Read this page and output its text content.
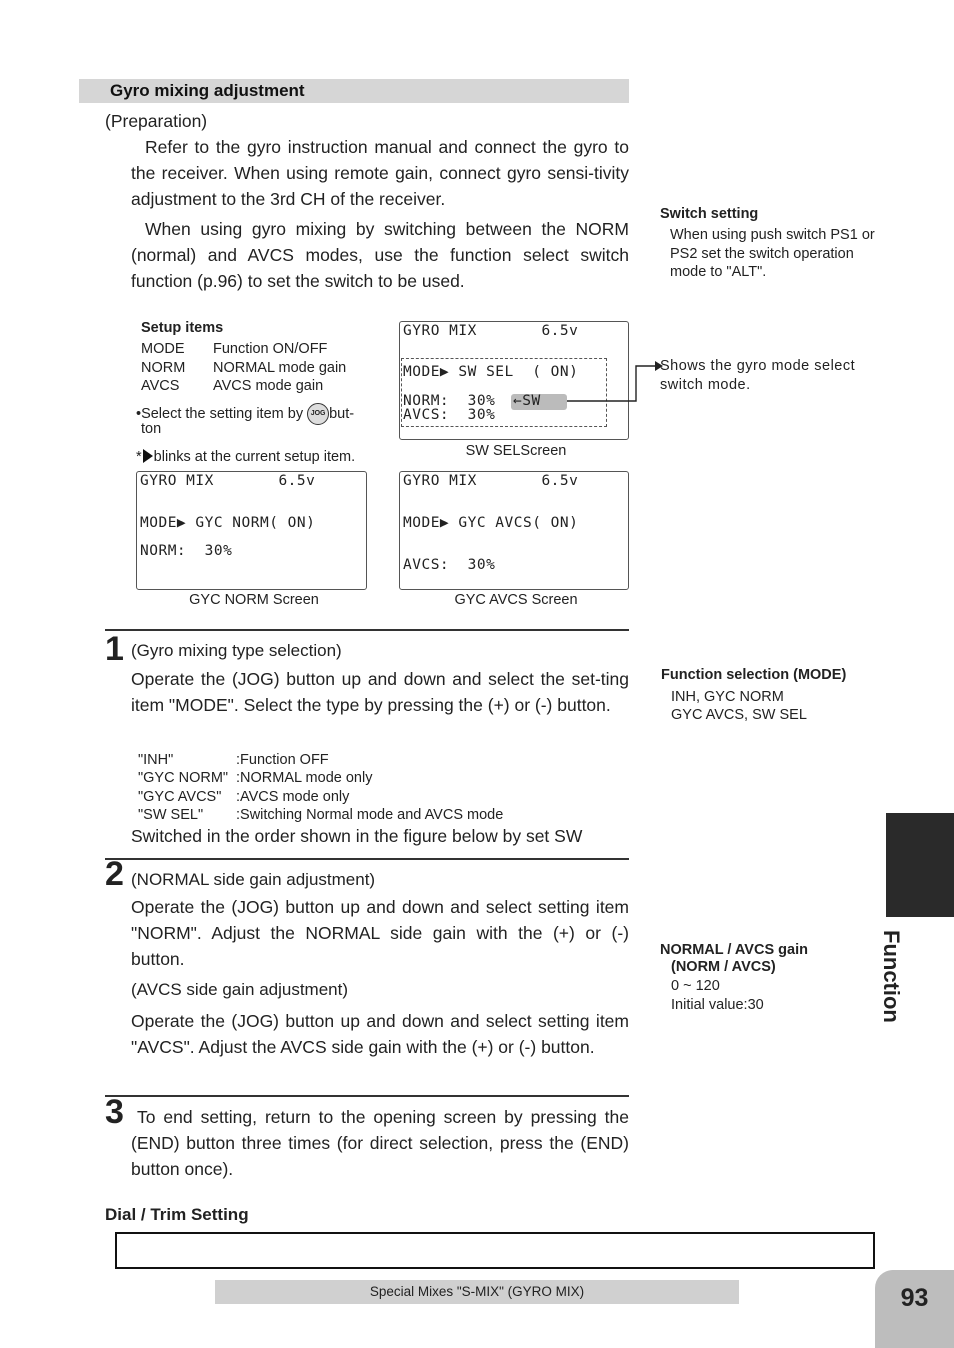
Gyro mixing adjustment
(Preparation)
Refer to the gyro instruction manual and connect the gyro to the receiver. When using remote gain, connect gyro sensi-tivity adjustment to the 3rd CH of the receiver.
When using gyro mixing by switching between the NORM (normal) and AVCS modes, use the function select switch function (p.96) to set the switch to be used.
Switch setting
When using push switch PS1 or PS2 set the switch operation mode to "ALT".
Setup items
MODE Function ON/OFF
NORM NORMAL mode gain
AVCS AVCS mode gain
•Select the setting item by JOG but-
ton
* blinks at the current setup item.
GYRO MIX       6.5v
MODE▶ SW SEL  ( ON)
NORM:  30% ←SW
AVCS:  30%
SW SELScreen
Shows the gyro mode select switch mode.
GYRO MIX       6.5v
MODE▶ GYC NORM( ON)
NORM:  30%
GYC NORM Screen
GYRO MIX       6.5v
MODE▶ GYC AVCS( ON)
AVCS:  30%
GYC AVCS Screen
1 (Gyro mixing type selection)
Operate the (JOG) button up and down and select the set-ting item "MODE". Select the type by pressing the (+) or (-) button.
"INH"	:Function OFF
"GYC NORM" :NORMAL mode only
"GYC AVCS" :AVCS mode only
"SW SEL" :Switching Normal mode and AVCS mode
Switched in the order shown in the figure below by set SW
Function selection (MODE)
INH, GYC NORM
GYC AVCS, SW SEL
2 (NORMAL side gain adjustment)
Operate the (JOG) button up and down and select setting item "NORM". Adjust the NORMAL side gain with the (+) or (-) button.
(AVCS side gain adjustment)
Operate the (JOG) button up and down and select setting item "AVCS". Adjust the AVCS side gain with the (+) or (-) button.
NORMAL / AVCS gain
(NORM / AVCS)
0 ~ 120
Initial value:30
3 To end setting, return to the opening screen by pressing the (END) button three times (for direct selection, press the (END) button once).
Dial / Trim Setting
Function
Special Mixes "S-MIX" (GYRO MIX)	93
